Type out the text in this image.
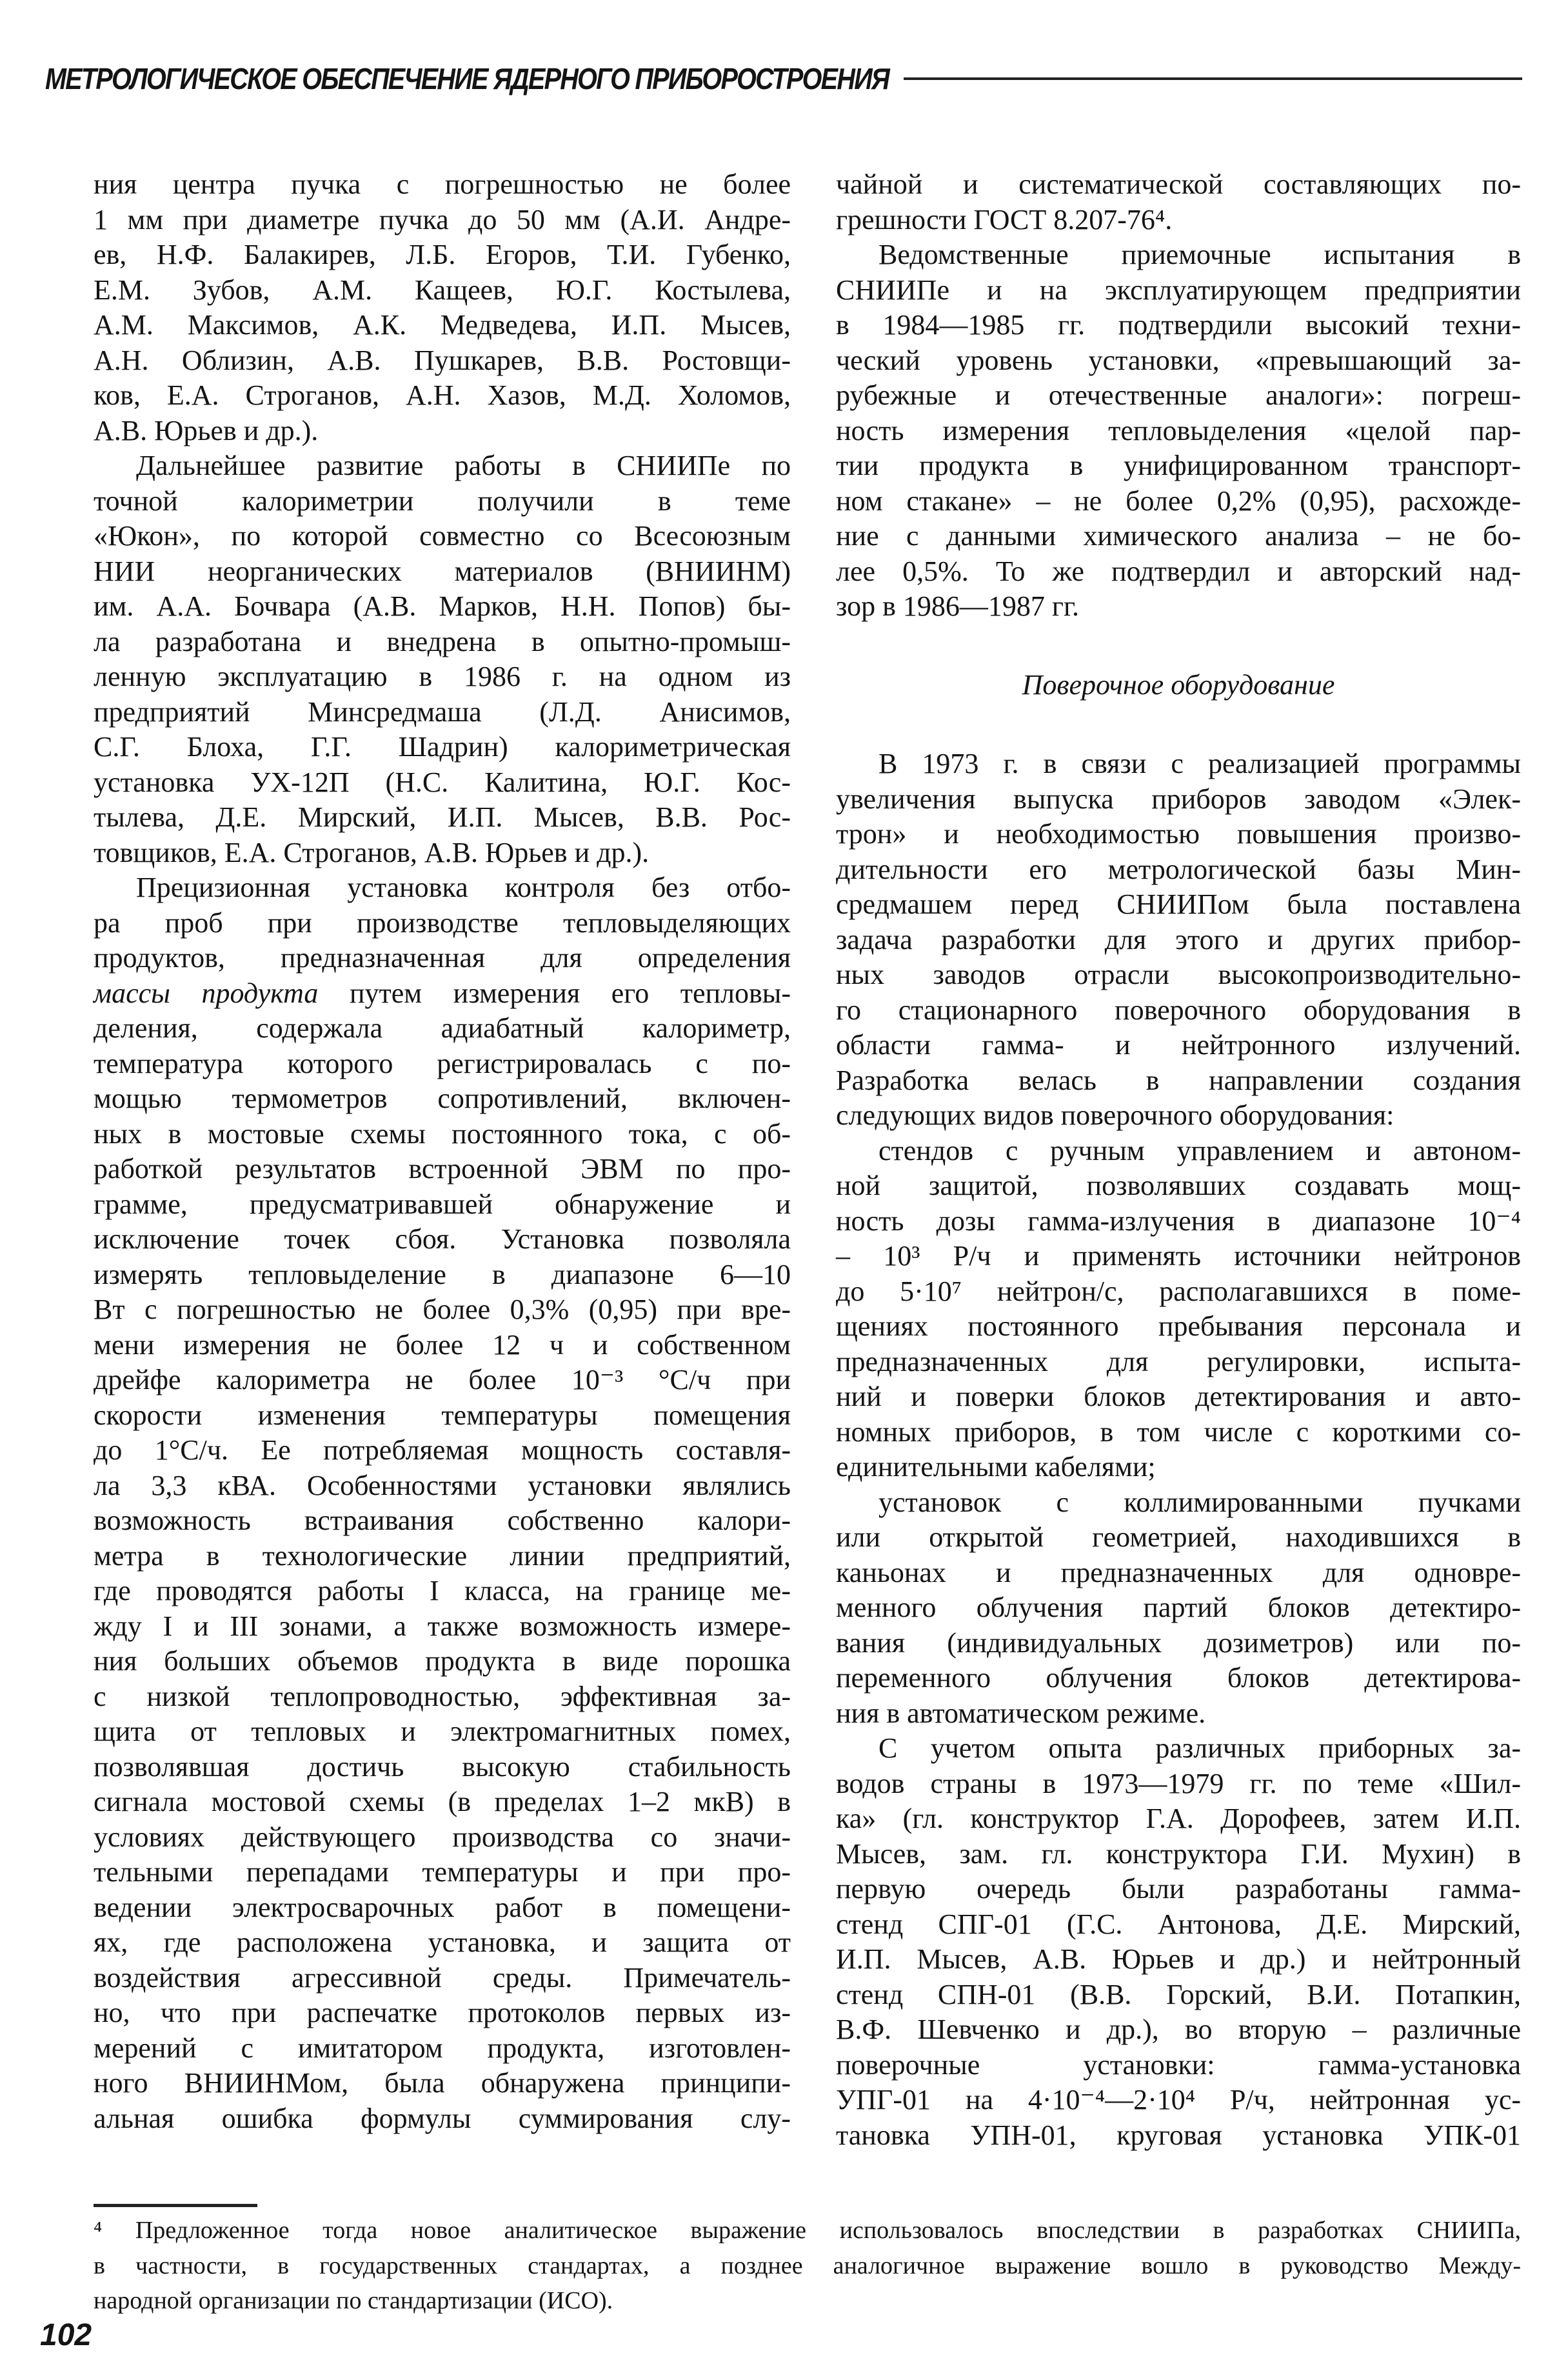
МЕТРОЛОГИЧЕСКОЕ ОБЕСПЕЧЕНИЕ ЯДЕРНОГО ПРИБОРОСТРОЕНИЯ
ния центра пучка с погрешностью не более
1 мм при диаметре пучка до 50 мм (А.И. Андре-
ев, Н.Ф. Балакирев, Л.Б. Егоров, Т.И. Губенко,
Е.М. Зубов, А.М. Кащеев, Ю.Г. Костылева,
А.М. Максимов, А.К. Медведева, И.П. Мысев,
А.Н. Облизин, А.В. Пушкарев, В.В. Ростовщи-
ков, Е.А. Строганов, А.Н. Хазов, М.Д. Холомов,
А.В. Юрьев и др.).
Дальнейшее развитие работы в СНИИПе по
точной калориметрии получили в теме
«Юкон», по которой совместно со Всесоюзным
НИИ неорганических материалов (ВНИИНМ)
им. А.А. Бочвара (А.В. Марков, Н.Н. Попов) бы-
ла разработана и внедрена в опытно-промыш-
ленную эксплуатацию в 1986 г. на одном из
предприятий Минсредмаша (Л.Д. Анисимов,
С.Г. Блоха, Г.Г. Шадрин) калориметрическая
установка УХ-12П (Н.С. Калитина, Ю.Г. Кос-
тылева, Д.Е. Мирский, И.П. Мысев, В.В. Рос-
товщиков, Е.А. Строганов, А.В. Юрьев и др.).
Прецизионная установка контроля без отбо-
ра проб при производстве тепловыделяющих
продуктов, предназначенная для определения
массы продукта путем измерения его тепловы-
деления, содержала адиабатный калориметр,
температура которого регистрировалась с по-
мощью термометров сопротивлений, включен-
ных в мостовые схемы постоянного тока, с об-
работкой результатов встроенной ЭВМ по про-
грамме, предусматривавшей обнаружение и
исключение точек сбоя. Установка позволяла
измерять тепловыделение в диапазоне 6—10
Вт с погрешностью не более 0,3% (0,95) при вре-
мени измерения не более 12 ч и собственном
дрейфе калориметра не более 10⁻³ °С/ч при
скорости изменения температуры помещения
до 1°С/ч. Ее потребляемая мощность составля-
ла 3,3 кВА. Особенностями установки являлись
возможность встраивания собственно калори-
метра в технологические линии предприятий,
где проводятся работы I класса, на границе ме-
жду I и III зонами, а также возможность измере-
ния больших объемов продукта в виде порошка
с низкой теплопроводностью, эффективная за-
щита от тепловых и электромагнитных помех,
позволявшая достичь высокую стабильность
сигнала мостовой схемы (в пределах 1–2 мкВ) в
условиях действующего производства со значи-
тельными перепадами температуры и при про-
ведении электросварочных работ в помещени-
ях, где расположена установка, и защита от
воздействия агрессивной среды. Примечатель-
но, что при распечатке протоколов первых из-
мерений с имитатором продукта, изготовлен-
ного ВНИИНМом, была обнаружена принципи-
альная ошибка формулы суммирования слу-
чайной и систематической составляющих по-
грешности ГОСТ 8.207-76⁴.
Ведомственные приемочные испытания в
СНИИПе и на эксплуатирующем предприятии
в 1984—1985 гг. подтвердили высокий техни-
ческий уровень установки, «превышающий за-
рубежные и отечественные аналоги»: погреш-
ность измерения тепловыделения «целой пар-
тии продукта в унифицированном транспорт-
ном стакане» – не более 0,2% (0,95), расхожде-
ние с данными химического анализа – не бо-
лее 0,5%. То же подтвердил и авторский над-
зор в 1986—1987 гг.
Поверочное оборудование
В 1973 г. в связи с реализацией программы
увеличения выпуска приборов заводом «Элек-
трон» и необходимостью повышения произво-
дительности его метрологической базы Мин-
средмашем перед СНИИПом была поставлена
задача разработки для этого и других прибор-
ных заводов отрасли высокопроизводительно-
го стационарного поверочного оборудования в
области гамма- и нейтронного излучений.
Разработка велась в направлении создания
следующих видов поверочного оборудования:
стендов с ручным управлением и автоном-
ной защитой, позволявших создавать мощ-
ность дозы гамма-излучения в диапазоне 10⁻⁴
– 10³ Р/ч и применять источники нейтронов
до 5·10⁷ нейтрон/с, располагавшихся в поме-
щениях постоянного пребывания персонала и
предназначенных для регулировки, испыта-
ний и поверки блоков детектирования и авто-
номных приборов, в том числе с короткими со-
единительными кабелями;
установок с коллимированными пучками
или открытой геометрией, находившихся в
каньонах и предназначенных для одновре-
менного облучения партий блоков детектиро-
вания (индивидуальных дозиметров) или по-
переменного облучения блоков детектирова-
ния в автоматическом режиме.
С учетом опыта различных приборных за-
водов страны в 1973—1979 гг. по теме «Шил-
ка» (гл. конструктор Г.А. Дорофеев, затем И.П.
Мысев, зам. гл. конструктора Г.И. Мухин) в
первую очередь были разработаны гамма-
стенд СПГ-01 (Г.С. Антонова, Д.Е. Мирский,
И.П. Мысев, А.В. Юрьев и др.) и нейтронный
стенд СПН-01 (В.В. Горский, В.И. Потапкин,
В.Ф. Шевченко и др.), во вторую – различные
поверочные установки: гамма-установка
УПГ-01 на 4·10⁻⁴—2·10⁴ Р/ч, нейтронная ус-
тановка УПН-01, круговая установка УПК-01
⁴ Предложенное тогда новое аналитическое выражение использовалось впоследствии в разработках СНИИПа,
в частности, в государственных стандартах, а позднее аналогичное выражение вошло в руководство Между-
народной организации по стандартизации (ИСО).
102
